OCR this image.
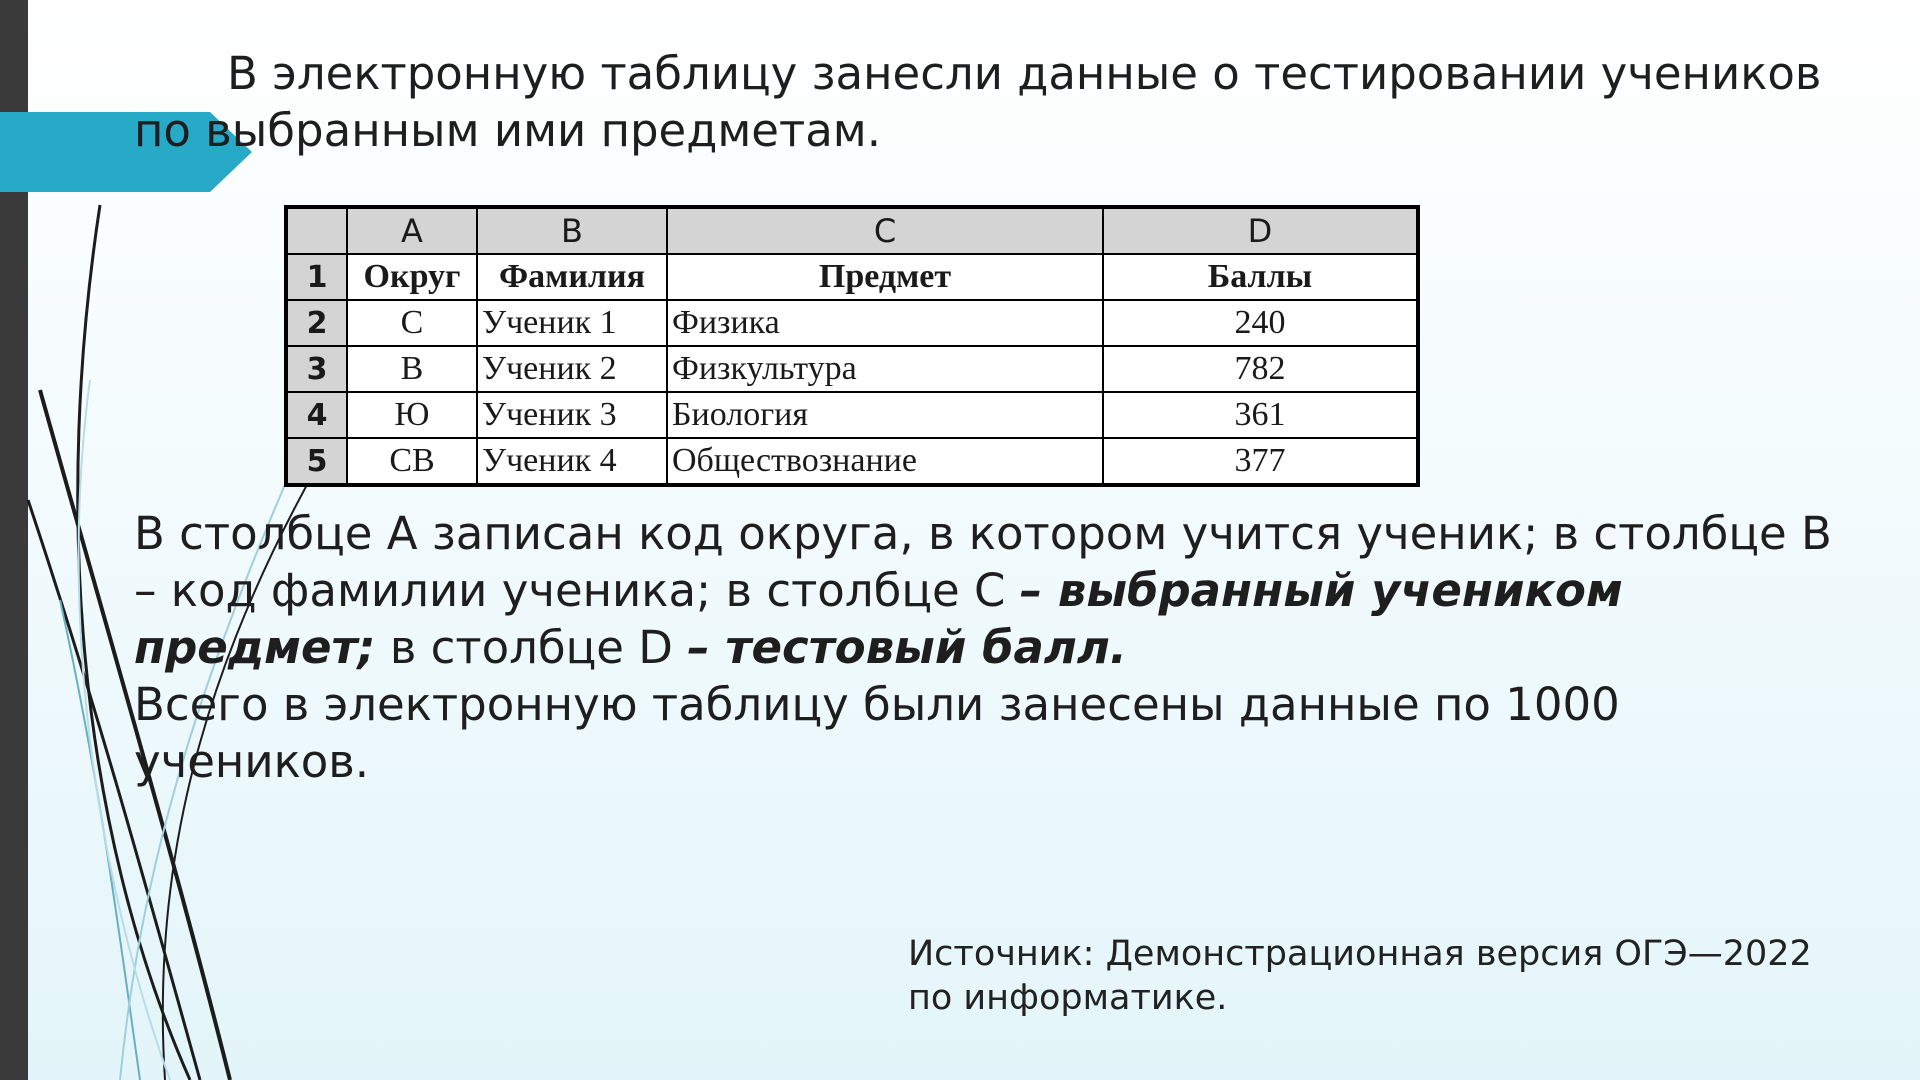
В электронную таблицу занесли данные о тестировании учеников по выбранным ими предметам.
	A	B	C	D
1	Округ	Фамилия	Предмет	Баллы
2	С	Ученик 1	Физика	240
3	В	Ученик 2	Физкультура	782
4	Ю	Ученик 3	Биология	361
5	СВ	Ученик 4	Обществознание	377
В столбце А записан код округа, в котором учится ученик; в столбце В – код фамилии ученика; в столбце С – выбранный учеником предмет; в столбце D – тестовый балл.
Всего в электронную таблицу были занесены данные по 1000 учеников.
Источник: Демонстрационная версия ОГЭ—2022 по информатике.
